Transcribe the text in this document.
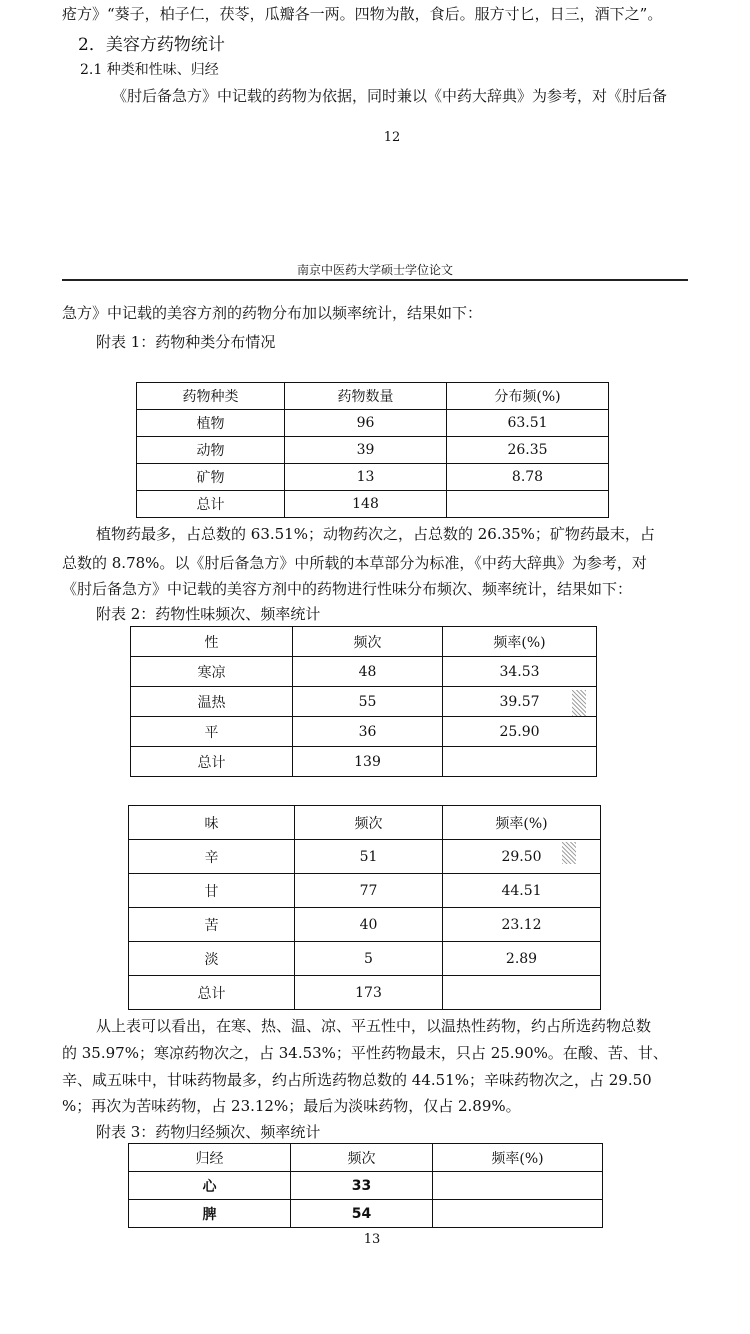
疮方》“葵子，柏子仁，茯苓，瓜瓣各一两。四物为散，食后。服方寸匕，日三，酒下之”。
2．美容方药物统计
2.1 种类和性味、归经
《肘后备急方》中记载的药物为依据，同时兼以《中药大辞典》为参考，对《肘后备
12
南京中医药大学硕士学位论文
急方》中记载的美容方剂的药物分布加以频率统计，结果如下：
附表 1：药物种类分布情况
药物种类	药物数量	分布频(%)
植物	96	63.51
动物	39	26.35
矿物	13	8.78
总计	148	
植物药最多，占总数的 63.51%；动物药次之，占总数的 26.35%；矿物药最末，占
总数的 8.78%。以《肘后备急方》中所载的本草部分为标准，《中药大辞典》为参考，对
《肘后备急方》中记载的美容方剂中的药物进行性味分布频次、频率统计，结果如下：
附表 2：药物性味频次、频率统计
性	频次	频率(%)
寒凉	48	34.53
温热	55	39.57
平	36	25.90
总计	139	
味	频次	频率(%)
辛	51	29.50
甘	77	44.51
苦	40	23.12
淡	5	2.89
总计	173	
从上表可以看出，在寒、热、温、凉、平五性中，以温热性药物，约占所选药物总数
的 35.97%；寒凉药物次之，占 34.53%；平性药物最末，只占 25.90%。在酸、苦、甘、
辛、咸五味中，甘味药物最多，约占所选药物总数的 44.51%；辛味药物次之，占 29.50
%；再次为苦味药物，占 23.12%；最后为淡味药物，仅占 2.89%。
附表 3：药物归经频次、频率统计
归经	频次	频率(%)
心	33	
脾	54	
13
